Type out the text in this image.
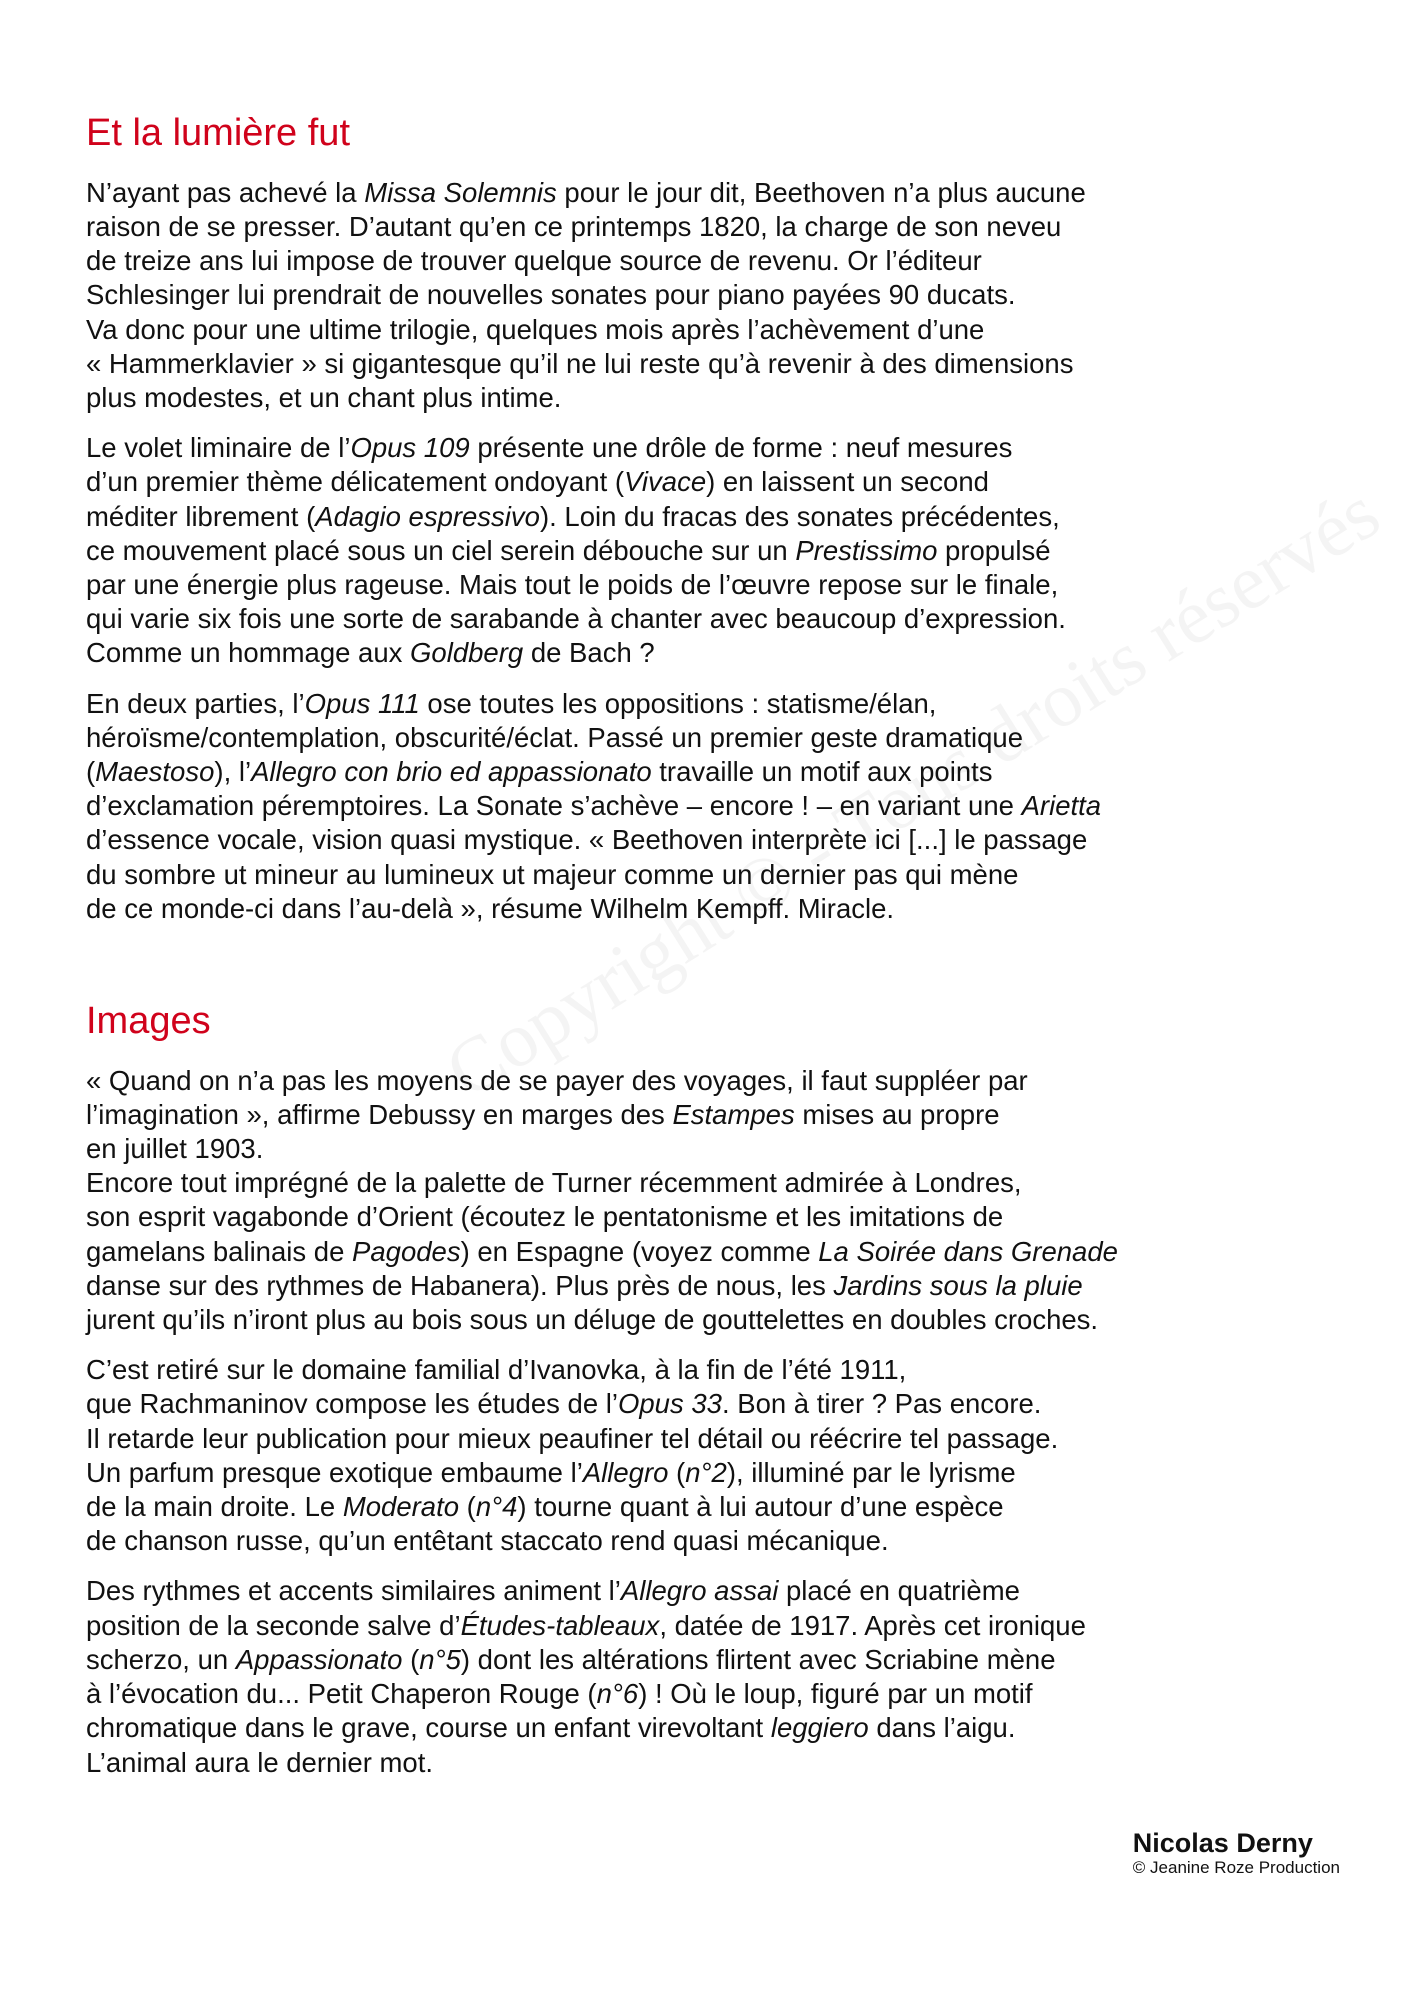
Et la lumière fut

N’ayant pas achevé la Missa Solemnis pour le jour dit, Beethoven n’a plus aucune
raison de se presser. D’autant qu’en ce printemps 1820, la charge de son neveu
de treize ans lui impose de trouver quelque source de revenu. Or l’éditeur
Schlesinger lui prendrait de nouvelles sonates pour piano payées 90 ducats.
Va donc pour une ultime trilogie, quelques mois après l’achèvement d’une
« Hammerklavier » si gigantesque qu’il ne lui reste qu’à revenir à des dimensions
plus modestes, et un chant plus intime.

Le volet liminaire de l’Opus 109 présente une drôle de forme : neuf mesures
d’un premier thème délicatement ondoyant (Vivace) en laissent un second
méditer librement (Adagio espressivo). Loin du fracas des sonates précédentes,
ce mouvement placé sous un ciel serein débouche sur un Prestissimo propulsé
par une énergie plus rageuse. Mais tout le poids de l’œuvre repose sur le finale,
qui varie six fois une sorte de sarabande à chanter avec beaucoup d’expression.
Comme un hommage aux Goldberg de Bach ?

En deux parties, l’Opus 111 ose toutes les oppositions : statisme/élan,
héroïsme/contemplation, obscurité/éclat. Passé un premier geste dramatique
(Maestoso), l’Allegro con brio ed appassionato travaille un motif aux points
d’exclamation péremptoires. La Sonate s’achève – encore ! – en variant une Arietta
d’essence vocale, vision quasi mystique. « Beethoven interprète ici [...] le passage
du sombre ut mineur au lumineux ut majeur comme un dernier pas qui mène
de ce monde-ci dans l’au-delà », résume Wilhelm Kempff. Miracle.

Images

« Quand on n’a pas les moyens de se payer des voyages, il faut suppléer par
l’imagination », affirme Debussy en marges des Estampes mises au propre
en juillet 1903.
Encore tout imprégné de la palette de Turner récemment admirée à Londres,
son esprit vagabonde d’Orient (écoutez le pentatonisme et les imitations de
gamelans balinais de Pagodes) en Espagne (voyez comme La Soirée dans Grenade
danse sur des rythmes de Habanera). Plus près de nous, les Jardins sous la pluie
jurent qu’ils n’iront plus au bois sous un déluge de gouttelettes en doubles croches.

C’est retiré sur le domaine familial d’Ivanovka, à la fin de l’été 1911,
que Rachmaninov compose les études de l’Opus 33. Bon à tirer ? Pas encore.
Il retarde leur publication pour mieux peaufiner tel détail ou réécrire tel passage.
Un parfum presque exotique embaume l’Allegro (n°2), illuminé par le lyrisme
de la main droite. Le Moderato (n°4) tourne quant à lui autour d’une espèce
de chanson russe, qu’un entêtant staccato rend quasi mécanique.

Des rythmes et accents similaires animent l’Allegro assai placé en quatrième
position de la seconde salve d’Études-tableaux, datée de 1917. Après cet ironique
scherzo, un Appassionato (n°5) dont les altérations flirtent avec Scriabine mène
à l’évocation du... Petit Chaperon Rouge (n°6) ! Où le loup, figuré par un motif
chromatique dans le grave, course un enfant virevoltant leggiero dans l’aigu.
L’animal aura le dernier mot.

Nicolas Derny
© Jeanine Roze Production
